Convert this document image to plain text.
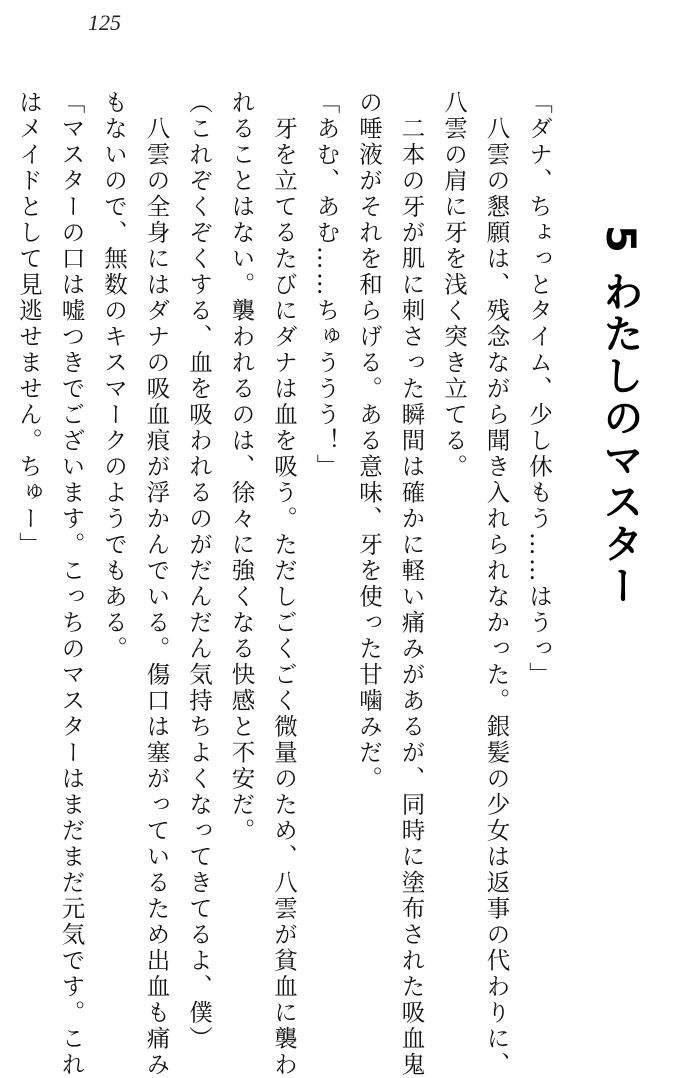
125
5 わたしのマスター

「ダナ、ちょっとタイム、少し休もう……はうっ」

　八雲の懇願は、残念ながら聞き入れられなかった。銀髪の少女は返事の代わりに、

八雲の肩に牙を浅く突き立てる。

　二本の牙が肌に刺さった瞬間は確かに軽い痛みがあるが、同時に塗布された吸血鬼

の唾液がそれを和らげる。ある意味、牙を使った甘噛みだ。

「あむ、あむ……ちゅううう！」

　牙を立てるたびにダナは血を吸う。ただしごくごく微量のため、八雲が貧血に襲わ

れることはない。襲われるのは、徐々に強くなる快感と不安だ。

（これぞくぞくする、血を吸われるのがだんだん気持ちよくなってきてるよ、僕）

　八雲の全身にはダナの吸血痕が浮かんでいる。傷口は塞がっているため出血も痛み

もないので、無数のキスマークのようでもある。

「マスターの口は嘘つきでございます。こっちのマスターはまだまだ元気です。これ

はメイドとして見逃せません。ちゅー」
